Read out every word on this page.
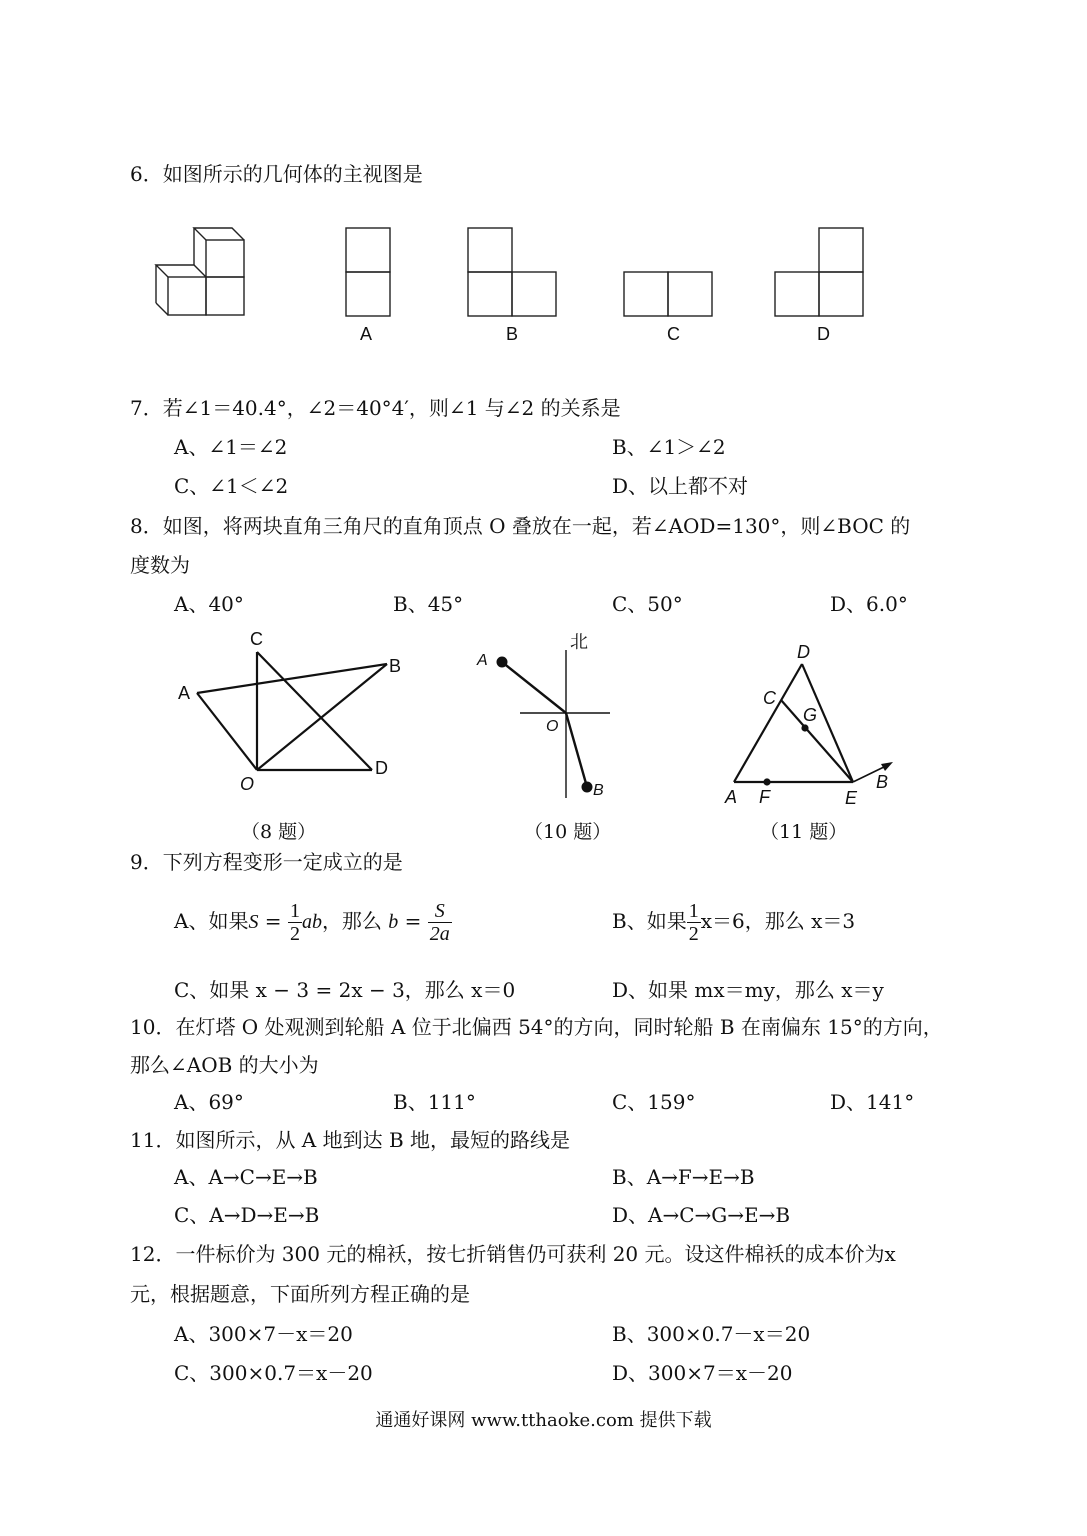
6．如图所示的几何体的主视图是
A	B	C	D
7．若∠1＝40.4°，∠2＝40°4′，则∠1 与∠2 的关系是
A、∠1＝∠2	B、∠1＞∠2
C、∠1＜∠2	D、以上都不对
8．如图，将两块直角三角尺的直角顶点 O 叠放在一起，若∠AOD=130°，则∠BOC 的
度数为
A、40°	B、45°	C、50°	D、6.0°
C
B
A
D
O
（8 题）
北
A
O
B
（10 题）
D
C
G
B
A F	E
（11 题）
9．下列方程变形一定成立的是
A、如果$S = \frac{1}{2}$ ab，那么 $b = \frac{S}{2a}$	B、如果 $\frac{1}{2} x=6$，那么 x＝3
C、如果 x − 3 = 2x − 3，那么 x＝0	D、如果 mx＝my，那么 x＝y
10．在灯塔 O 处观测到轮船 A 位于北偏西 54°的方向，同时轮船 B 在南偏东 15°的方向，
那么∠AOB 的大小为
A、69°	B、111°	C、159°	D、141°
11．如图所示，从 A 地到达 B 地，最短的路线是
A、A→C→E→B	B、A→F→E→B
C、A→D→E→B	D、A→C→G→E→B
12．一件标价为 300 元的棉袄，按七折销售仍可获利 20 元。设这件棉袄的成本价为x
元，根据题意，下面所列方程正确的是
A、300×7－x＝20	B、300×0.7－x＝20
C、300×0.7＝x－20	D、300×7＝x－20
通通好课网 www.tthaoke.com 提供下载
